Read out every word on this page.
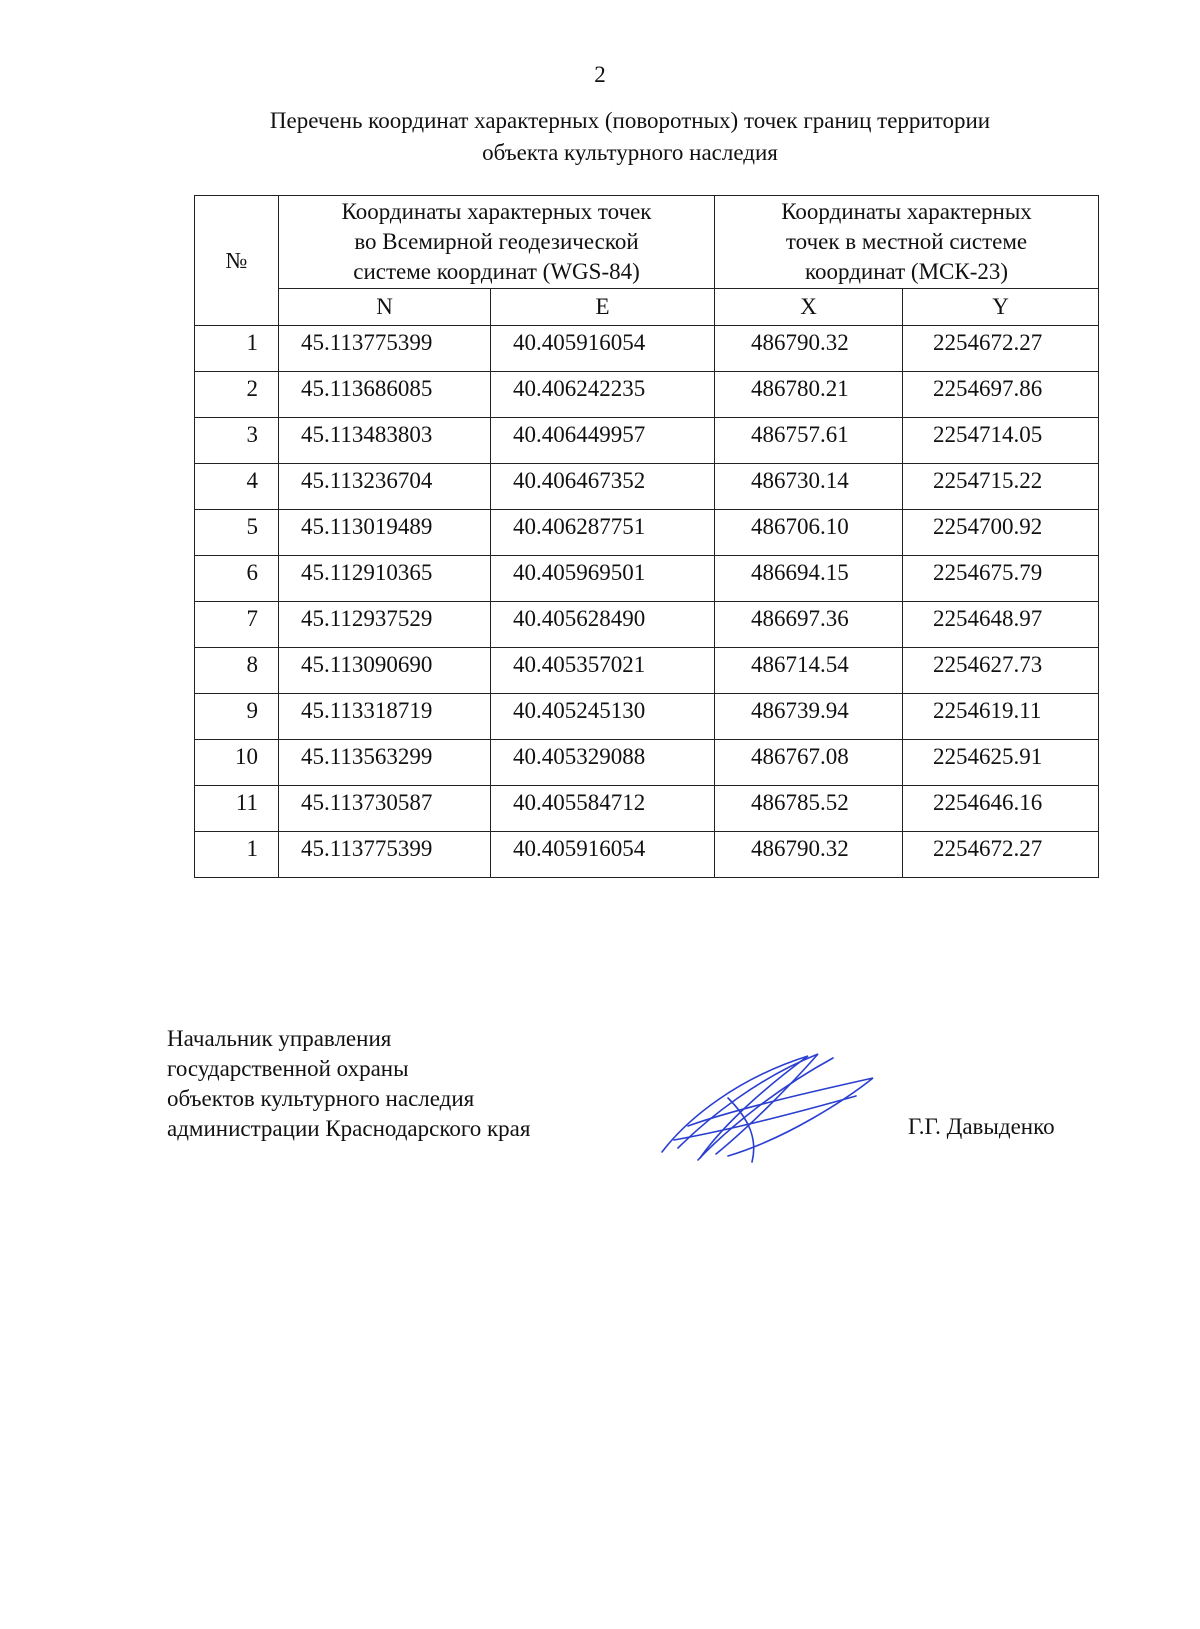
2
Перечень координат характерных (поворотных) точек границ территории
объекта культурного наследия
№	Координаты характерных точек
во Всемирной геодезической
системе координат (WGS-84)		Координаты характерных
точек в местной системе
координат (МСК-23)	

	N	E	X	Y
1	45.113775399	40.405916054	486790.32	2254672.27
2	45.113686085	40.406242235	486780.21	2254697.86
3	45.113483803	40.406449957	486757.61	2254714.05
4	45.113236704	40.406467352	486730.14	2254715.22
5	45.113019489	40.406287751	486706.10	2254700.92
6	45.112910365	40.405969501	486694.15	2254675.79
7	45.112937529	40.405628490	486697.36	2254648.97
8	45.113090690	40.405357021	486714.54	2254627.73
9	45.113318719	40.405245130	486739.94	2254619.11
10	45.113563299	40.405329088	486767.08	2254625.91
11	45.113730587	40.405584712	486785.52	2254646.16
1	45.113775399	40.405916054	486790.32	2254672.27
Начальник управления
государственной охраны
объектов культурного наследия
администрации Краснодарского края	Г.Г. Давыденко
